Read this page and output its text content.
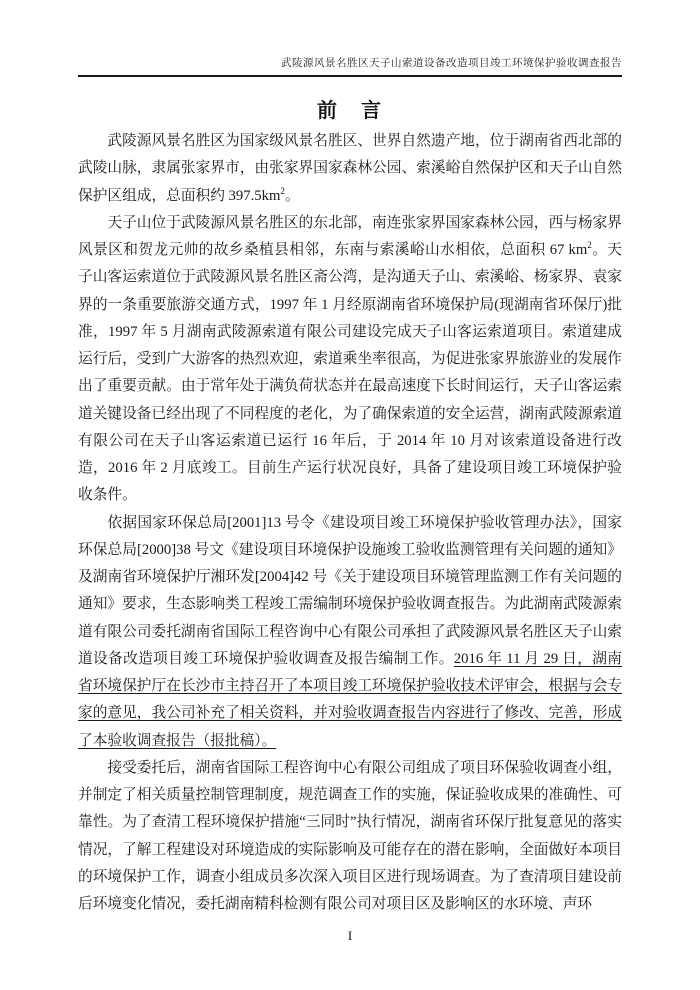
武陵源风景名胜区天子山索道设备改造项目竣工环境保护验收调查报告
前　言

武陵源风景名胜区为国家级风景名胜区、世界自然遗产地，位于湖南省西北部的武陵山脉，隶属张家界市，由张家界国家森林公园、索溪峪自然保护区和天子山自然保护区组成，总面积约 $397.5km^2$。

天子山位于武陵源风景名胜区的东北部，南连张家界国家森林公园，西与杨家界风景区和贺龙元帅的故乡桑植县相邻，东南与索溪峪山水相依，总面积 67 $km^2$。天子山客运索道位于武陵源风景名胜区斋公湾，是沟通天子山、索溪峪、杨家界、袁家界的一条重要旅游交通方式，1997 年 1 月经原湖南省环境保护局(现湖南省环保厅)批准，1997 年 5 月湖南武陵源索道有限公司建设完成天子山客运索道项目。索道建成运行后，受到广大游客的热烈欢迎，索道乘坐率很高，为促进张家界旅游业的发展作出了重要贡献。由于常年处于满负荷状态并在最高速度下长时间运行，天子山客运索道关键设备已经出现了不同程度的老化，为了确保索道的安全运营，湖南武陵源索道有限公司在天子山客运索道已运行 16 年后，于 2014 年 10 月对该索道设备进行改造，2016 年 2 月底竣工。目前生产运行状况良好，具备了建设项目竣工环境保护验收条件。

依据国家环保总局[2001]13 号令《建设项目竣工环境保护验收管理办法》，国家环保总局[2000]38 号文《建设项目环境保护设施竣工验收监测管理有关问题的通知》及湖南省环境保护厅湘环发[2004]42 号《关于建设项目环境管理监测工作有关问题的通知》要求，生态影响类工程竣工需编制环境保护验收调查报告。为此湖南武陵源索道有限公司委托湖南省国际工程咨询中心有限公司承担了武陵源风景名胜区天子山索道设备改造项目竣工环境保护验收调查及报告编制工作。2016 年 11 月 29 日，湖南省环境保护厅在长沙市主持召开了本项目竣工环境保护验收技术评审会，根据与会专家的意见，我公司补充了相关资料，并对验收调查报告内容进行了修改、完善，形成了本验收调查报告（报批稿）。

接受委托后，湖南省国际工程咨询中心有限公司组成了项目环保验收调查小组，并制定了相关质量控制管理制度，规范调查工作的实施，保证验收成果的准确性、可靠性。为了查清工程环境保护措施“三同时”执行情况，湖南省环保厅批复意见的落实情况，了解工程建设对环境造成的实际影响及可能存在的潜在影响，全面做好本项目的环境保护工作，调查小组成员多次深入项目区进行现场调查。为了查清项目建设前后环境变化情况，委托湖南精科检测有限公司对项目区及影响区的水环境、声环

I
